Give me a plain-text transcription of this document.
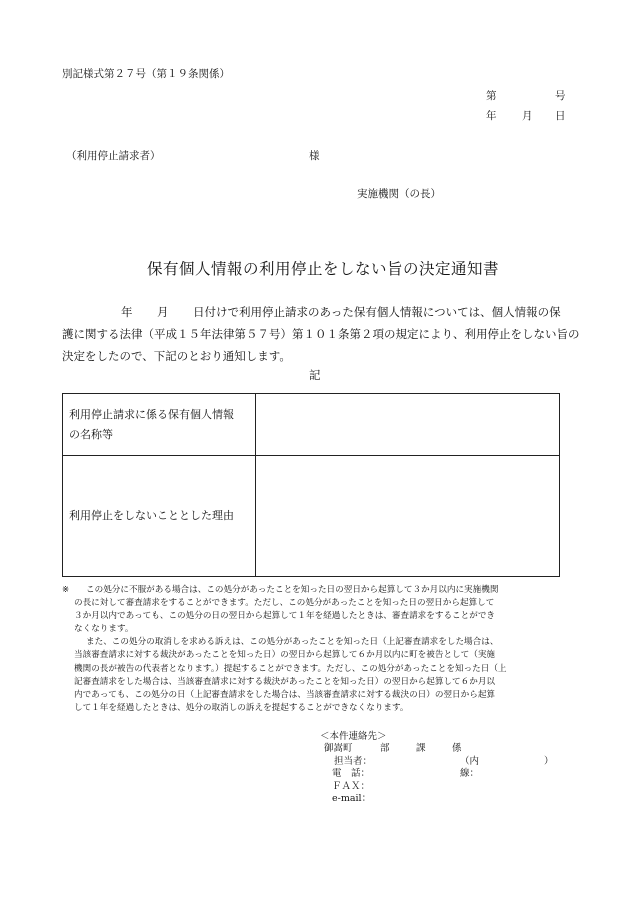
別記様式第２７号（第１９条関係）
第	号
年 月 日
（利用停止請求者）	様
実施機関（の長）
保有個人情報の利用停止をしない旨の決定通知書
年 月 日付けで利用停止請求のあった保有個人情報については、個人情報の保
護に関する法律（平成１５年法律第５７号）第１０１条第２項の規定により、利用停止をしない旨の
決定をしたので、下記のとおり通知します。
記
利用停止請求に係る保有個人情報
の名称等	
利用停止をしないこととした理由	
※	この処分に不服がある場合は、この処分があったことを知った日の翌日から起算して３か月以内に実施機関
の長に対して審査請求をすることができます。ただし、この処分があったことを知った日の翌日から起算して
３か月以内であっても、この処分の日の翌日から起算して１年を経過したときは、審査請求をすることができ
なくなります。
また、この処分の取消しを求める訴えは、この処分があったことを知った日（上記審査請求をした場合は、
当該審査請求に対する裁決があったことを知った日）の翌日から起算して６か月以内に町を被告として（実施
機関の長が被告の代表者となります。）提起することができます。ただし、この処分があったことを知った日（上
記審査請求をした場合は、当該審査請求に対する裁決があったことを知った日）の翌日から起算して６か月以
内であっても、この処分の日（上記審査請求をした場合は、当該審査請求に対する裁決の日）の翌日から起算
して１年を経過したときは、処分の取消しの訴えを提起することができなくなります。
＜本件連絡先＞
御嵩町	部	課	係
担当者：	（内線：
）
電　話：
ＦＡＸ：
e-mail：
